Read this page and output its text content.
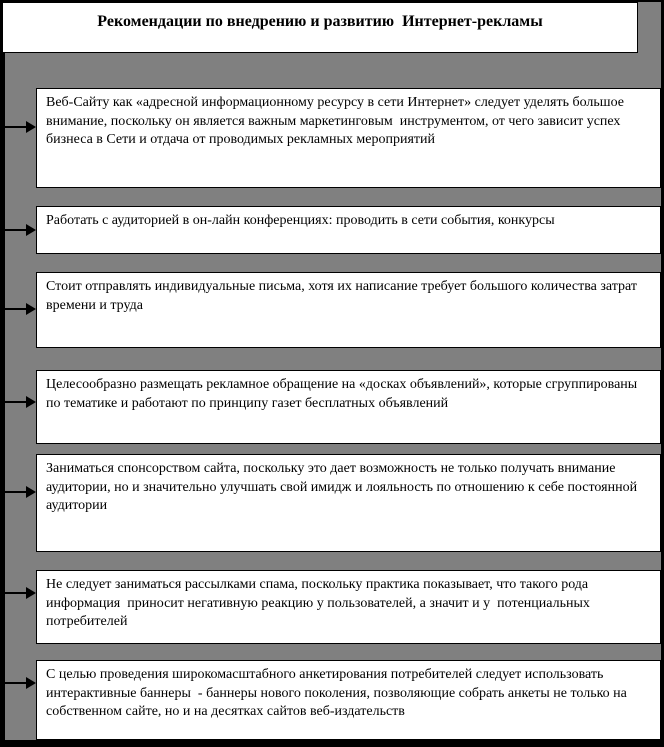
Рекомендации по внедрению и развитию  Интернет-рекламы
Веб-Сайту как «адресной информационному ресурсу в сети Интернет» следует уделять большое внимание, поскольку он является важным маркетинговым  инструментом, от чего зависит успех бизнеса в Сети и отдача от проводимых рекламных мероприятий
Работать с аудиторией в он-лайн конференциях: проводить в сети события, конкурсы
Стоит отправлять индивидуальные письма, хотя их написание требует большого количества затрат времени и труда
Целесообразно размещать рекламное обращение на «досках объявлений», которые сгруппированы  по тематике и работают по принципу газет бесплатных объявлений
Заниматься спонсорством сайта, поскольку это дает возможность не только получать внимание аудитории, но и значительно улучшать свой имидж и лояльность по отношению к себе постоянной аудитории
Не следует заниматься рассылками спама, поскольку практика показывает, что такого рода информация  приносит негативную реакцию у пользователей, а значит и у  потенциальных потребителей
С целью проведения широкомасштабного анкетирования потребителей следует использовать интерактивные баннеры  - баннеры нового поколения, позволяющие собрать анкеты не только на собственном сайте, но и на десятках сайтов веб-издательств
